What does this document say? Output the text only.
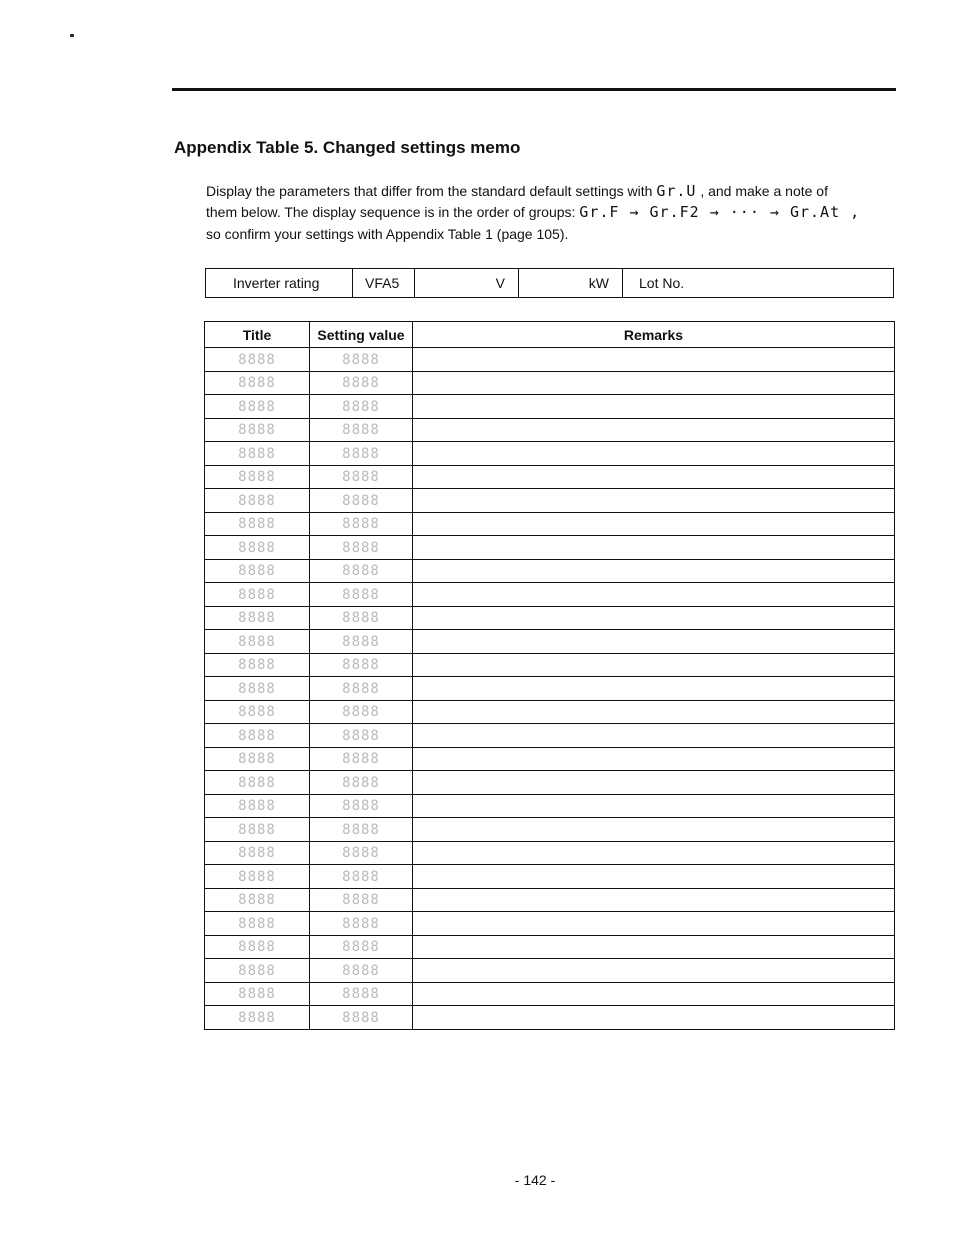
Appendix Table 5. Changed settings memo
Display the parameters that differ from the standard default settings with Gr.U , and make a note of
them below. The display sequence is in the order of groups: Gr.F → Gr.F2 → ··· → Gr.At ,
so confirm your settings with Appendix Table 1 (page 105).
Inverter rating	VFA5	V	kW	Lot No.
Title	Setting value	Remarks
8888	8888	
8888	8888	
8888	8888	
8888	8888	
8888	8888	
8888	8888	
8888	8888	
8888	8888	
8888	8888	
8888	8888	
8888	8888	
8888	8888	
8888	8888	
8888	8888	
8888	8888	
8888	8888	
8888	8888	
8888	8888	
8888	8888	
8888	8888	
8888	8888	
8888	8888	
8888	8888	
8888	8888	
8888	8888	
8888	8888	
8888	8888	
8888	8888	
8888	8888	
- 142 -
